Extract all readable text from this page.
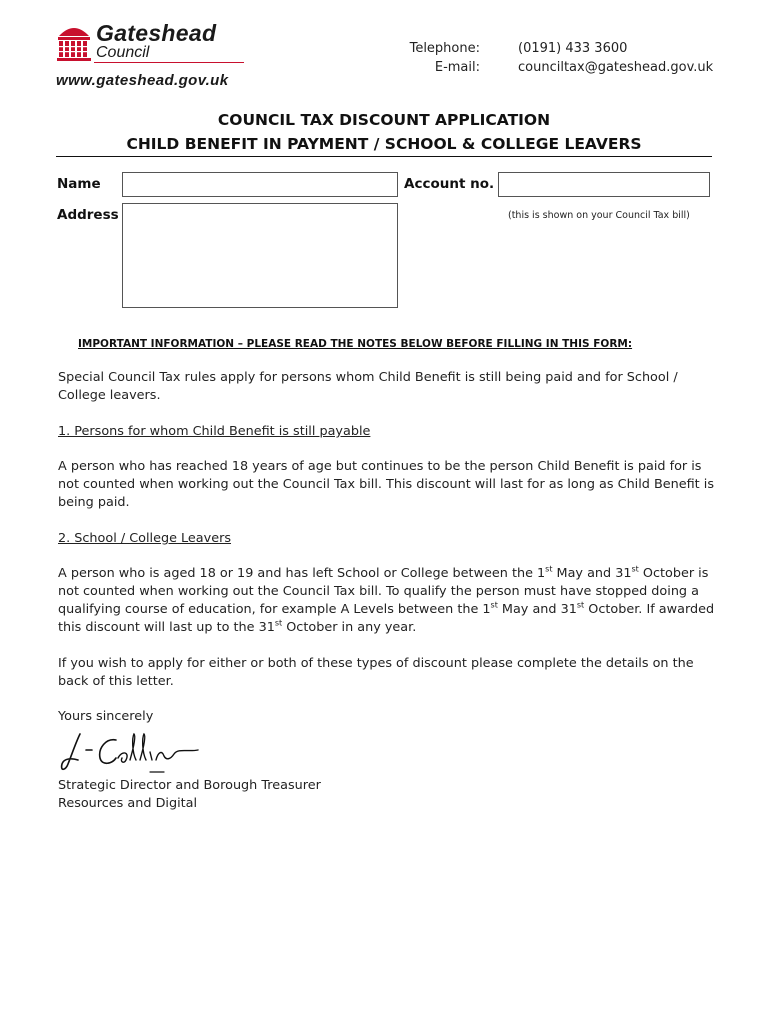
Gateshead
Council
www.gateshead.gov.uk
Telephone:	(0191) 433 3600
E-mail:	counciltax@gateshead.gov.uk
COUNCIL TAX DISCOUNT APPLICATION
CHILD BENEFIT IN PAYMENT / SCHOOL & COLLEGE LEAVERS
Name	Account no.
Address	(this is shown on your Council Tax bill)
IMPORTANT INFORMATION – PLEASE READ THE NOTES BELOW BEFORE FILLING IN THIS FORM:
Special Council Tax rules apply for persons whom Child Benefit is still being paid and for School / College leavers.
1. Persons for whom Child Benefit is still payable
A person who has reached 18 years of age but continues to be the person Child Benefit is paid for is not counted when working out the Council Tax bill. This discount will last for as long as Child Benefit is being paid.
2. School / College Leavers
A person who is aged 18 or 19 and has left School or College between the 1st May and 31st October is not counted when working out the Council Tax bill. To qualify the person must have stopped doing a qualifying course of education, for example A Levels between the 1st May and 31st October. If awarded this discount will last up to the 31st October in any year.
If you wish to apply for either or both of these types of discount please complete the details on the back of this letter.
Yours sincerely
Strategic Director and Borough Treasurer
Resources and Digital
